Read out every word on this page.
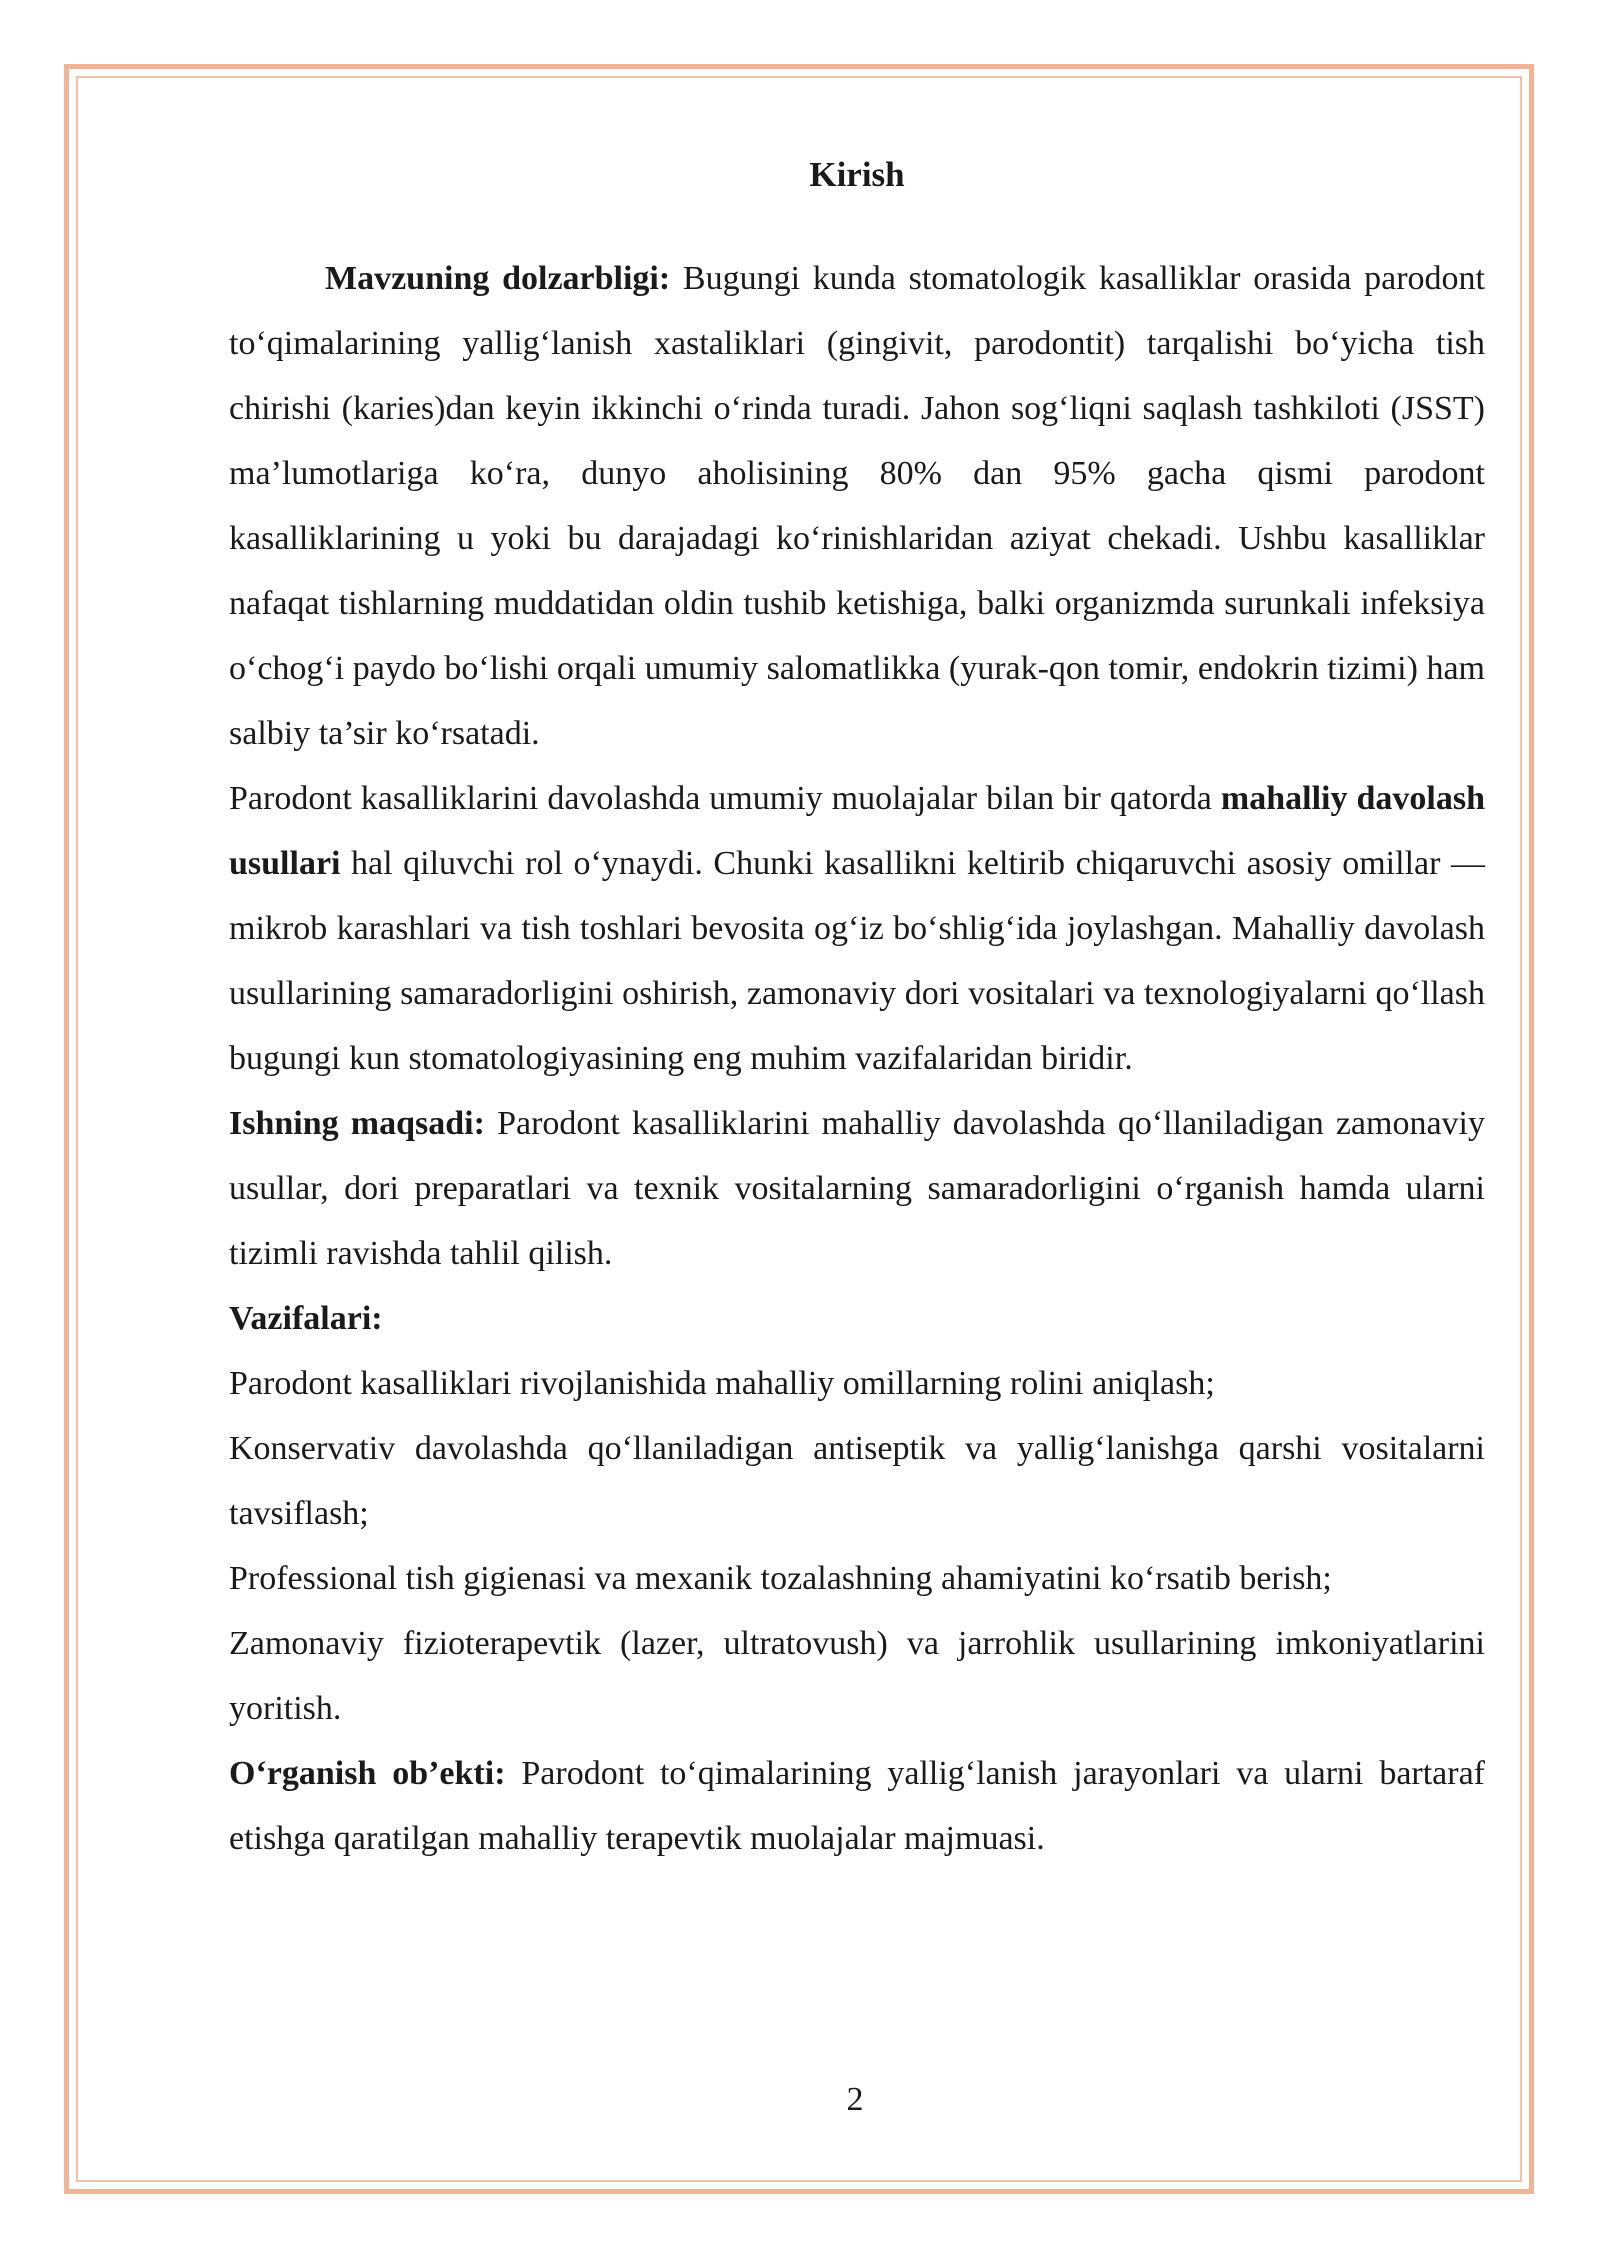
Kirish

Mavzuning dolzarbligi: Bugungi kunda stomatologik kasalliklar orasida parodont to‘qimalarining yallig‘lanish xastaliklari (gingivit, parodontit) tarqalishi bo‘yicha tish chirishi (karies)dan keyin ikkinchi o‘rinda turadi. Jahon sog‘liqni saqlash tashkiloti (JSST) ma’lumotlariga ko‘ra, dunyo aholisining 80% dan 95% gacha qismi parodont kasalliklarining u yoki bu darajadagi ko‘rinishlaridan aziyat chekadi. Ushbu kasalliklar nafaqat tishlarning muddatidan oldin tushib ketishiga, balki organizmda surunkali infeksiya o‘chog‘i paydo bo‘lishi orqali umumiy salomatlikka (yurak-qon tomir, endokrin tizimi) ham salbiy ta’sir ko‘rsatadi.

Parodont kasalliklarini davolashda umumiy muolajalar bilan bir qatorda mahalliy davolash usullari hal qiluvchi rol o‘ynaydi. Chunki kasallikni keltirib chiqaruvchi asosiy omillar — mikrob karashlari va tish toshlari bevosita og‘iz bo‘shlig‘ida joylashgan. Mahalliy davolash usullarining samaradorligini oshirish, zamonaviy dori vositalari va texnologiyalarni qo‘llash bugungi kun stomatologiyasining eng muhim vazifalaridan biridir.

Ishning maqsadi: Parodont kasalliklarini mahalliy davolashda qo‘llaniladigan zamonaviy usullar, dori preparatlari va texnik vositalarning samaradorligini o‘rganish hamda ularni tizimli ravishda tahlil qilish.

Vazifalari:

Parodont kasalliklari rivojlanishida mahalliy omillarning rolini aniqlash;

Konservativ davolashda qo‘llaniladigan antiseptik va yallig‘lanishga qarshi vositalarni tavsiflash;

Professional tish gigienasi va mexanik tozalashning ahamiyatini ko‘rsatib berish;

Zamonaviy fizioterapevtik (lazer, ultratovush) va jarrohlik usullarining imkoniyatlarini yoritish.

O‘rganish ob’ekti: Parodont to‘qimalarining yallig‘lanish jarayonlari va ularni bartaraf etishga qaratilgan mahalliy terapevtik muolajalar majmuasi.

2
